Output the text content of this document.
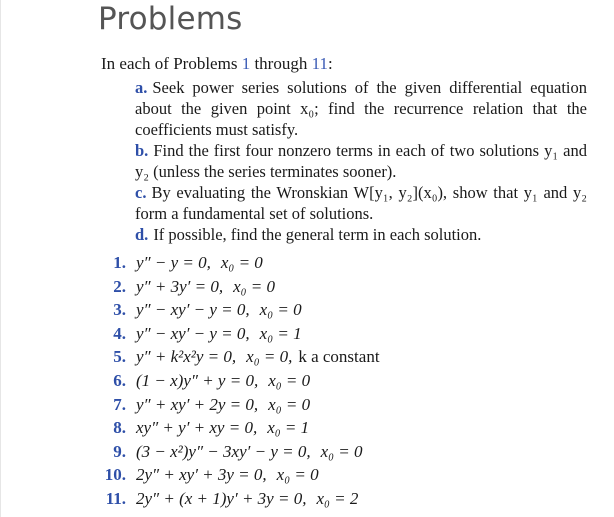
Problems
In each of Problems 1 through 11:
a. Seek power series solutions of the given differential equation about the given point x₀; find the recurrence relation that the coefficients must satisfy.
b. Find the first four nonzero terms in each of two solutions y₁ and y₂ (unless the series terminates sooner).
c. By evaluating the Wronskian W[y₁, y₂](x₀), show that y₁ and y₂ form a fundamental set of solutions.
d. If possible, find the general term in each solution.
1. y″ − y = 0, x₀ = 0
2. y″ + 3y′ = 0, x₀ = 0
3. y″ − xy′ − y = 0, x₀ = 0
4. y″ − xy′ − y = 0, x₀ = 1
5. y″ + k²x²y = 0, x₀ = 0, k a constant
6. (1 − x)y″ + y = 0, x₀ = 0
7. y″ + xy′ + 2y = 0, x₀ = 0
8. xy″ + y′ + xy = 0, x₀ = 1
9. (3 − x²)y″ − 3xy′ − y = 0, x₀ = 0
10. 2y″ + xy′ + 3y = 0, x₀ = 0
11. 2y″ + (x + 1)y′ + 3y = 0, x₀ = 2
